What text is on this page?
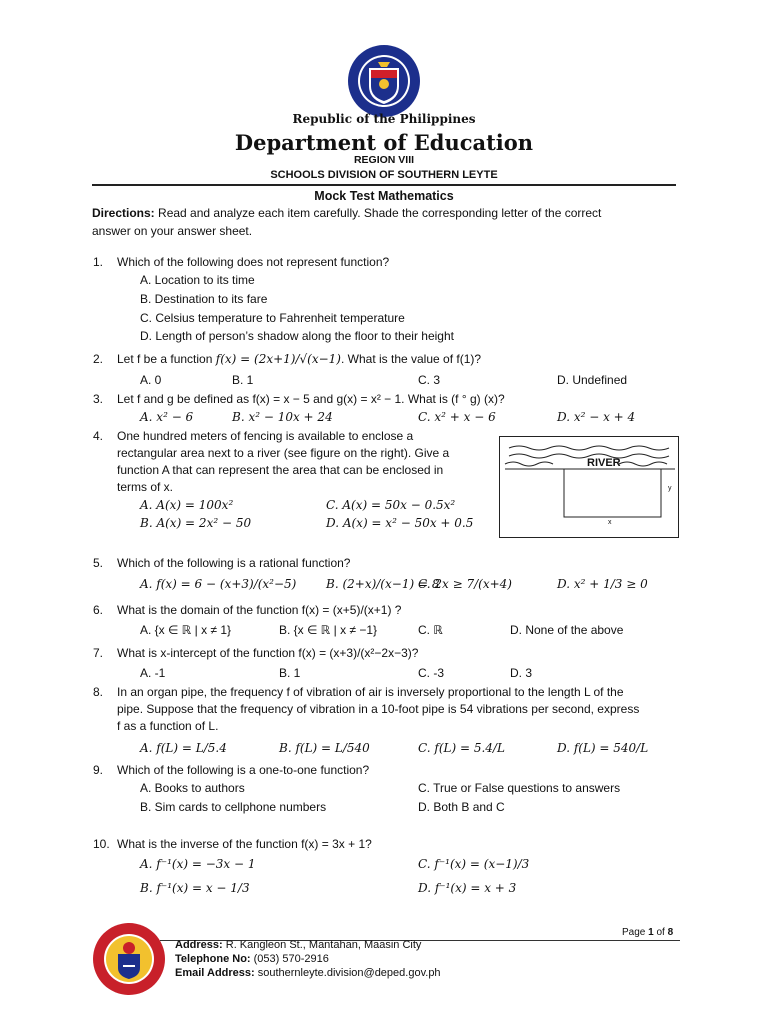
Republic of the Philippines
Department of Education
REGION VIII
SCHOOLS DIVISION OF SOUTHERN LEYTE
Mock Test Mathematics
Directions: Read and analyze each item carefully. Shade the corresponding letter of the correct
answer on your answer sheet.
1. Which of the following does not represent function?
A. Location to its time
B. Destination to its fare
C. Celsius temperature to Fahrenheit temperature
D. Length of person’s shadow along the floor to their height
2. Let f be a function f(x) = (2x+1)/√(x−1). What is the value of f(1)?
A. 0	B. 1	C. 3	D. Undefined
3. Let f and g be defined as f(x) = x − 5 and g(x) = x² − 1. What is (f ° g) (x)?
A. x² − 6	B. x² − 10x + 24	C. x² + x − 6	D. x² − x + 4
4. One hundred meters of fencing is available to enclose a
rectangular area next to a river (see figure on the right). Give a
function A that can represent the area that can be enclosed in
terms of x.
A. A(x) = 100x²	C. A(x) = 50x − 0.5x²
B. A(x) = 2x² − 50	D. A(x) = x² − 50x + 0.5
RIVER
y
x
5. Which of the following is a rational function?
A. f(x) = 6 − (x+3)/(x²−5) B. (2+x)/(x−1) = 8
C. 2x ≥ 7/(x+4)	D. x² + 1/3 ≥ 0
6. What is the domain of the function f(x) = (x+5)/(x+1) ?
A. {x ∈ ℝ | x ≠ 1}	B. {x ∈ ℝ | x ≠ −1}	C. ℝ	D. None of the above
7. What is x-intercept of the function f(x) = (x+3)/(x²−2x−3)?
A. -1	B. 1	C. -3	D. 3
8. In an organ pipe, the frequency f of vibration of air is inversely proportional to the length L of the
pipe. Suppose that the frequency of vibration in a 10-foot pipe is 54 vibrations per second, express
f as a function of L.
A. f(L) = L/5.4	B. f(L) = L/540	C. f(L) = 5.4/L	D. f(L) = 540/L
9. Which of the following is a one-to-one function?
A. Books to authors	C. True or False questions to answers
B. Sim cards to cellphone numbers	D. Both B and C
10. What is the inverse of the function f(x) = 3x + 1?
A. f⁻¹(x) = −3x − 1	C. f⁻¹(x) = (x−1)/3
B. f⁻¹(x) = x − 1/3	D. f⁻¹(x) = x + 3
Page 1 of 8
Address: R. Kangleon St., Mantahan, Maasin City
Telephone No: (053) 570-2916
Email Address: southernleyte.division@deped.gov.ph
